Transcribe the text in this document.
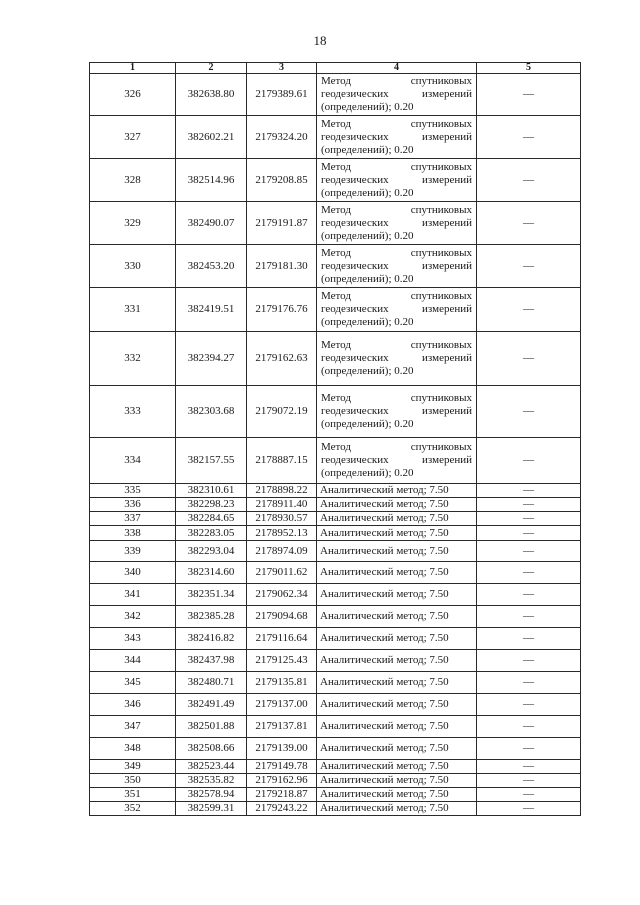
18
1	2	3	4	5
326	382638.80	2179389.61	Метод спутниковых
геодезических измерений
(определений); 0.20	—
327	382602.21	2179324.20	Метод спутниковых
геодезических измерений
(определений); 0.20	—
328	382514.96	2179208.85	Метод спутниковых
геодезических измерений
(определений); 0.20	—
329	382490.07	2179191.87	Метод спутниковых
геодезических измерений
(определений); 0.20	—
330	382453.20	2179181.30	Метод спутниковых
геодезических измерений
(определений); 0.20	—
331	382419.51	2179176.76	Метод спутниковых
геодезических измерений
(определений); 0.20	—
332	382394.27	2179162.63	Метод спутниковых
геодезических измерений
(определений); 0.20	—
333	382303.68	2179072.19	Метод спутниковых
геодезических измерений
(определений); 0.20	—
334	382157.55	2178887.15	Метод спутниковых
геодезических измерений
(определений); 0.20	—
335	382310.61	2178898.22	Аналитический метод; 7.50	—
336	382298.23	2178911.40	Аналитический метод; 7.50	—
337	382284.65	2178930.57	Аналитический метод; 7.50	—
338	382283.05	2178952.13	Аналитический метод; 7.50	—
339	382293.04	2178974.09	Аналитический метод; 7.50	—
340	382314.60	2179011.62	Аналитический метод; 7.50	—
341	382351.34	2179062.34	Аналитический метод; 7.50	—
342	382385.28	2179094.68	Аналитический метод; 7.50	—
343	382416.82	2179116.64	Аналитический метод; 7.50	—
344	382437.98	2179125.43	Аналитический метод; 7.50	—
345	382480.71	2179135.81	Аналитический метод; 7.50	—
346	382491.49	2179137.00	Аналитический метод; 7.50	—
347	382501.88	2179137.81	Аналитический метод; 7.50	—
348	382508.66	2179139.00	Аналитический метод; 7.50	—
349	382523.44	2179149.78	Аналитический метод; 7.50	—
350	382535.82	2179162.96	Аналитический метод; 7.50	—
351	382578.94	2179218.87	Аналитический метод; 7.50	—
352	382599.31	2179243.22	Аналитический метод; 7.50	—
